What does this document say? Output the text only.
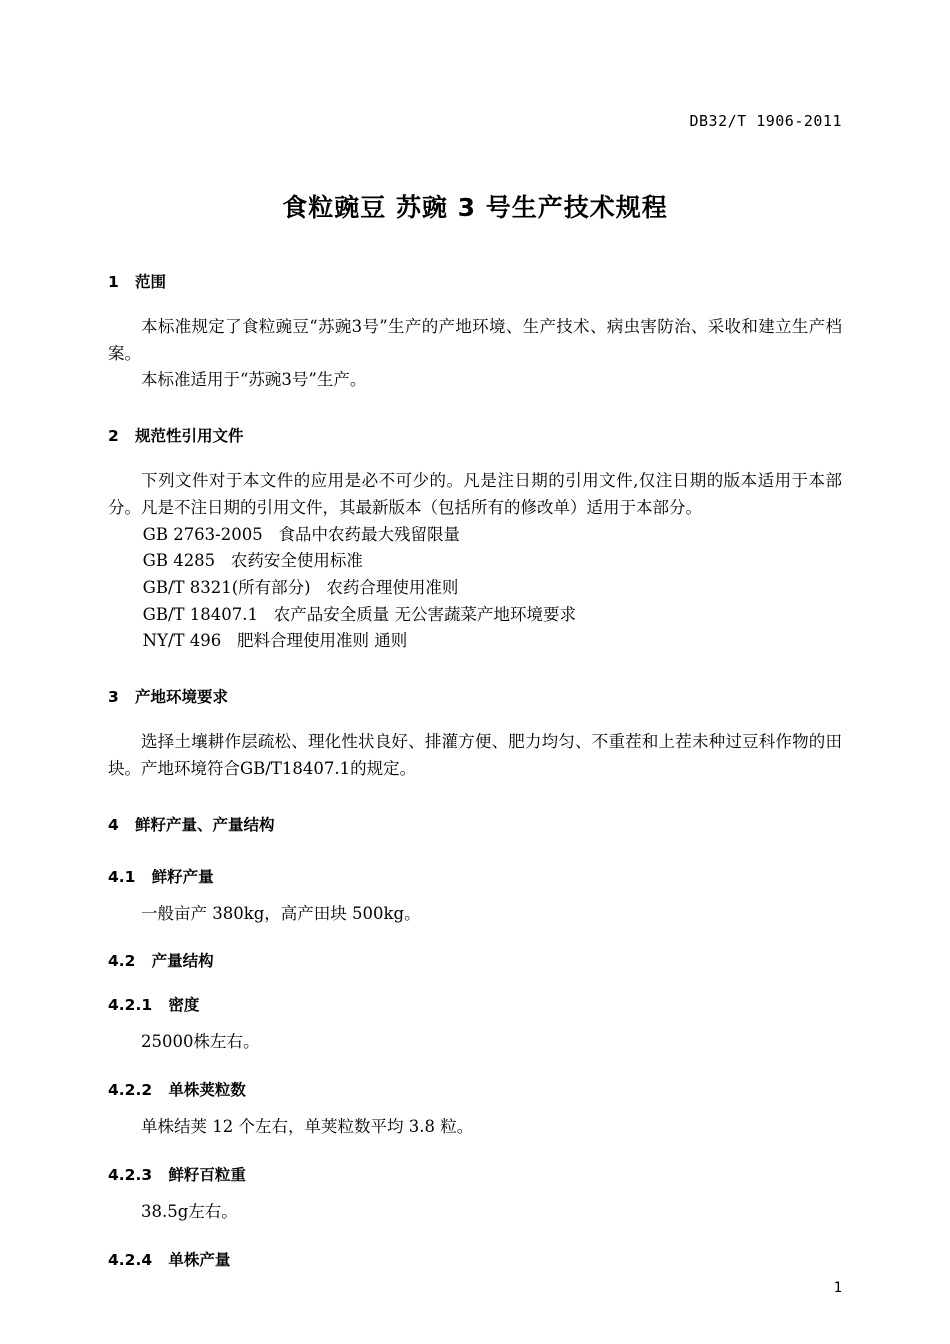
DB32/T 1906-2011
食粒豌豆 苏豌 3 号生产技术规程
1   范围

本标准规定了食粒豌豆“苏豌3号”生产的产地环境、生产技术、病虫害防治、采收和建立生产档案。

本标准适用于“苏豌3号”生产。

2   规范性引用文件

下列文件对于本文件的应用是必不可少的。凡是注日期的引用文件,仅注日期的版本适用于本部分。凡是不注日期的引用文件，其最新版本（包括所有的修改单）适用于本部分。

GB 2763-2005   食品中农药最大残留限量
GB 4285   农药安全使用标准
GB/T 8321(所有部分)   农药合理使用准则
GB/T 18407.1   农产品安全质量 无公害蔬菜产地环境要求
NY/T 496   肥料合理使用准则 通则
3   产地环境要求

选择土壤耕作层疏松、理化性状良好、排灌方便、肥力均匀、不重茬和上茬未种过豆科作物的田块。产地环境符合GB/T18407.1的规定。

4   鲜籽产量、产量结构
4.1   鲜籽产量

一般亩产 380kg，高产田块 500kg。

4.2   产量结构
4.2.1   密度

25000株左右。

4.2.2   单株荚粒数

单株结荚 12 个左右，单荚粒数平均 3.8 粒。

4.2.3   鲜籽百粒重

38.5g左右。

4.2.4   单株产量
1
